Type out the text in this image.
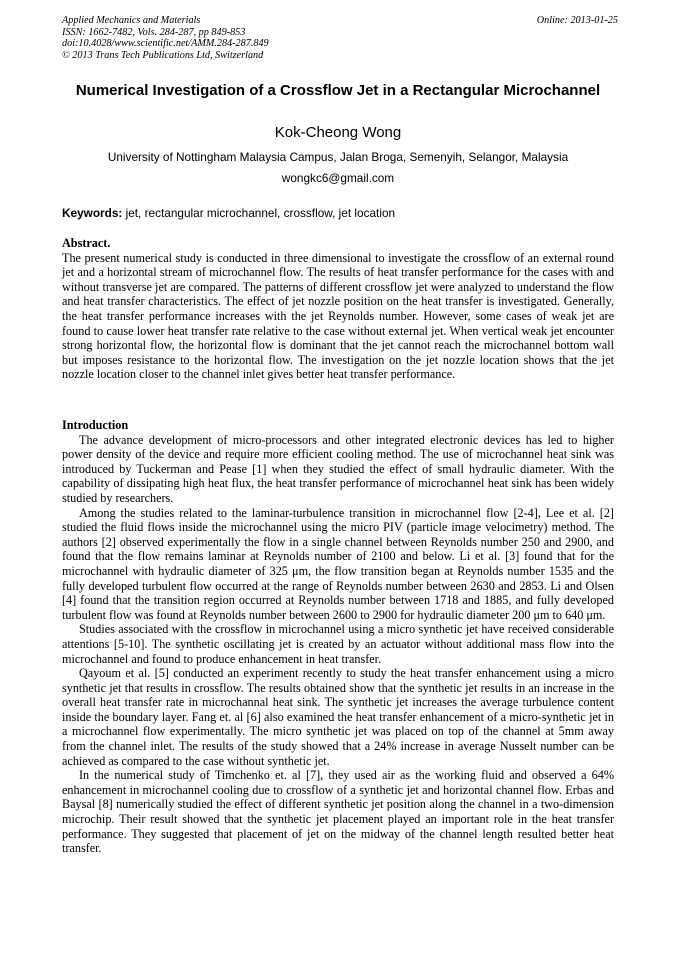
Applied Mechanics and Materials
ISSN: 1662-7482, Vols. 284-287, pp 849-853
doi:10.4028/www.scientific.net/AMM.284-287.849
© 2013 Trans Tech Publications Ltd, Switzerland
Online: 2013-01-25
Numerical Investigation of a Crossflow Jet in a Rectangular Microchannel
Kok-Cheong Wong
University of Nottingham Malaysia Campus, Jalan Broga, Semenyih, Selangor, Malaysia
wongkc6@gmail.com
Keywords: jet, rectangular microchannel, crossflow, jet location
Abstract.

The present numerical study is conducted in three dimensional to investigate the crossflow of an external round jet and a horizontal stream of microchannel flow. The results of heat transfer performance for the cases with and without transverse jet are compared. The patterns of different crossflow jet were analyzed to understand the flow and heat transfer characteristics. The effect of jet nozzle position on the heat transfer is investigated. Generally, the heat transfer performance increases with the jet Reynolds number. However, some cases of weak jet are found to cause lower heat transfer rate relative to the case without external jet. When vertical weak jet encounter strong horizontal flow, the horizontal flow is dominant that the jet cannot reach the microchannel bottom wall but imposes resistance to the horizontal flow. The investigation on the jet nozzle location shows that the jet nozzle location closer to the channel inlet gives better heat transfer performance.

Introduction

The advance development of micro-processors and other integrated electronic devices has led to higher power density of the device and require more efficient cooling method. The use of microchannel heat sink was introduced by Tuckerman and Pease [1] when they studied the effect of small hydraulic diameter. With the capability of dissipating high heat flux, the heat transfer performance of microchannel heat sink has been widely studied by researchers.

Among the studies related to the laminar-turbulence transition in microchannel flow [2-4], Lee et al. [2] studied the fluid flows inside the microchannel using the micro PIV (particle image velocimetry) method. The authors [2] observed experimentally the flow in a single channel between Reynolds number 250 and 2900, and found that the flow remains laminar at Reynolds number of 2100 and below. Li et al. [3] found that for the microchannel with hydraulic diameter of 325 μm, the flow transition began at Reynolds number 1535 and the fully developed turbulent flow occurred at the range of Reynolds number between 2630 and 2853. Li and Olsen [4] found that the transition region occurred at Reynolds number between 1718 and 1885, and fully developed turbulent flow was found at Reynolds number between 2600 to 2900 for hydraulic diameter 200 μm to 640 μm.

Studies associated with the crossflow in microchannel using a micro synthetic jet have received considerable attentions [5-10]. The synthetic oscillating jet is created by an actuator without additional mass flow into the microchannel and found to produce enhancement in heat transfer.

Qayoum et al. [5] conducted an experiment recently to study the heat transfer enhancement using a micro synthetic jet that results in crossflow. The results obtained show that the synthetic jet results in an increase in the overall heat transfer rate in microchannal heat sink. The synthetic jet increases the average turbulence content inside the boundary layer. Fang et. al [6] also examined the heat transfer enhancement of a micro-synthetic jet in a microchannel flow experimentally. The micro synthetic jet was placed on top of the channel at 5mm away from the channel inlet. The results of the study showed that a 24% increase in average Nusselt number can be achieved as compared to the case without synthetic jet.

In the numerical study of Timchenko et. al [7], they used air as the working fluid and observed a 64% enhancement in microchannel cooling due to crossflow of a synthetic jet and horizontal channel flow. Erbas and Baysal [8] numerically studied the effect of different synthetic jet position along the channel in a two-dimension microchip. Their result showed that the synthetic jet placement played an important role in the heat transfer performance. They suggested that placement of jet on the midway of the channel length resulted better heat transfer.
